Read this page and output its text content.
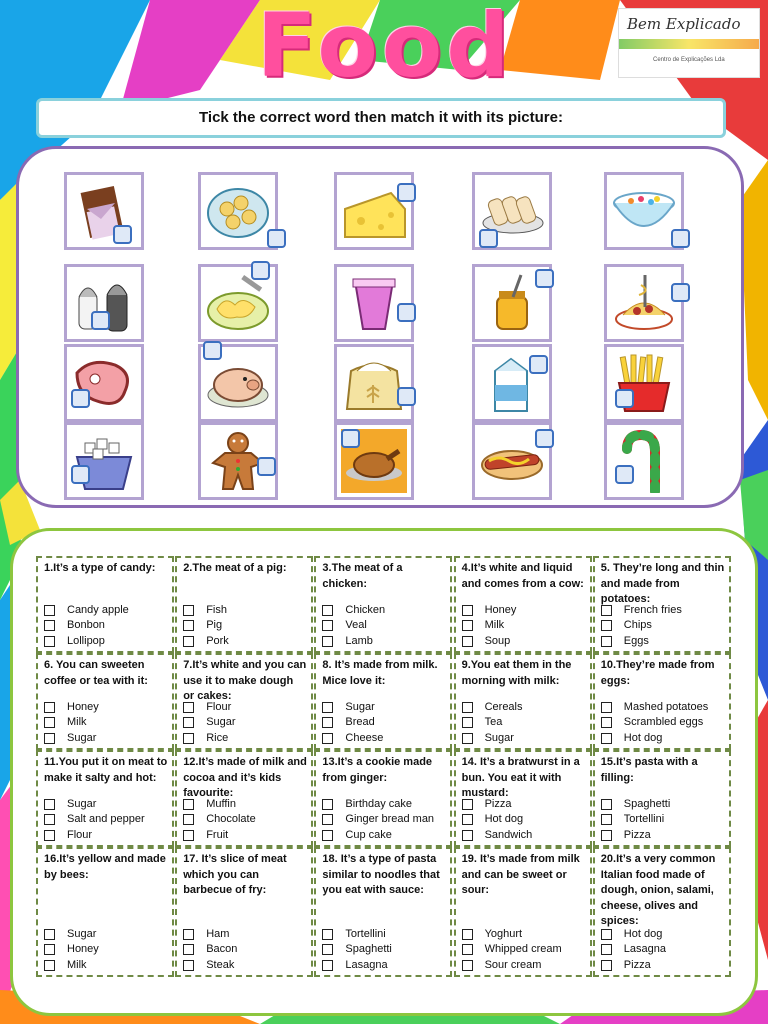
Food	Bem Explicado
Centro de Explicações Lda
Tick the correct word then match it with its picture:
1.It’s a type of candy:
Candy apple
Bonbon
Lollipop
2.The meat of a pig:
Fish
Pig
Pork
3.The meat of a chicken:
Chicken
Veal
Lamb
4.It’s white and liquid and comes from a cow:
Honey
Milk
Soup
5. They’re long and thin and made from potatoes:
French fries
Chips
Eggs
6. You can sweeten coffee or tea with it:
Honey
Milk
Sugar
7.It’s white and you can use it to make dough or cakes:
Flour
Sugar
Rice
8. It’s made from milk. Mice love it:
Sugar
Bread
Cheese
9.You eat them in the morning with milk:
Cereals
Tea
Sugar
10.They’re made from eggs:
Mashed potatoes
Scrambled eggs
Hot dog
11.You put it on meat to make it salty and hot:
Sugar
Salt and pepper
Flour
12.It’s made of milk and cocoa and it’s kids favourite:
Muffin
Chocolate
Fruit
13.It’s a cookie made from ginger:
Birthday cake
Ginger bread man
Cup cake
14. It’s a bratwurst in a bun. You eat it with mustard:
Pizza
Hot dog
Sandwich
15.It’s pasta with a filling:
Spaghetti
Tortellini
Pizza
16.It’s yellow and made by bees:
Sugar
Honey
Milk
17. It’s slice of meat which you can barbecue of fry:
Ham
Bacon
Steak
18. It’s a type of pasta similar to noodles that you eat with sauce:
Tortellini
Spaghetti
Lasagna
19. It’s made from milk and can be sweet or sour:
Yoghurt
Whipped cream
Sour cream
20.It’s a very common Italian food made of dough, onion, salami, cheese, olives and spices:
Hot dog
Lasagna
Pizza
